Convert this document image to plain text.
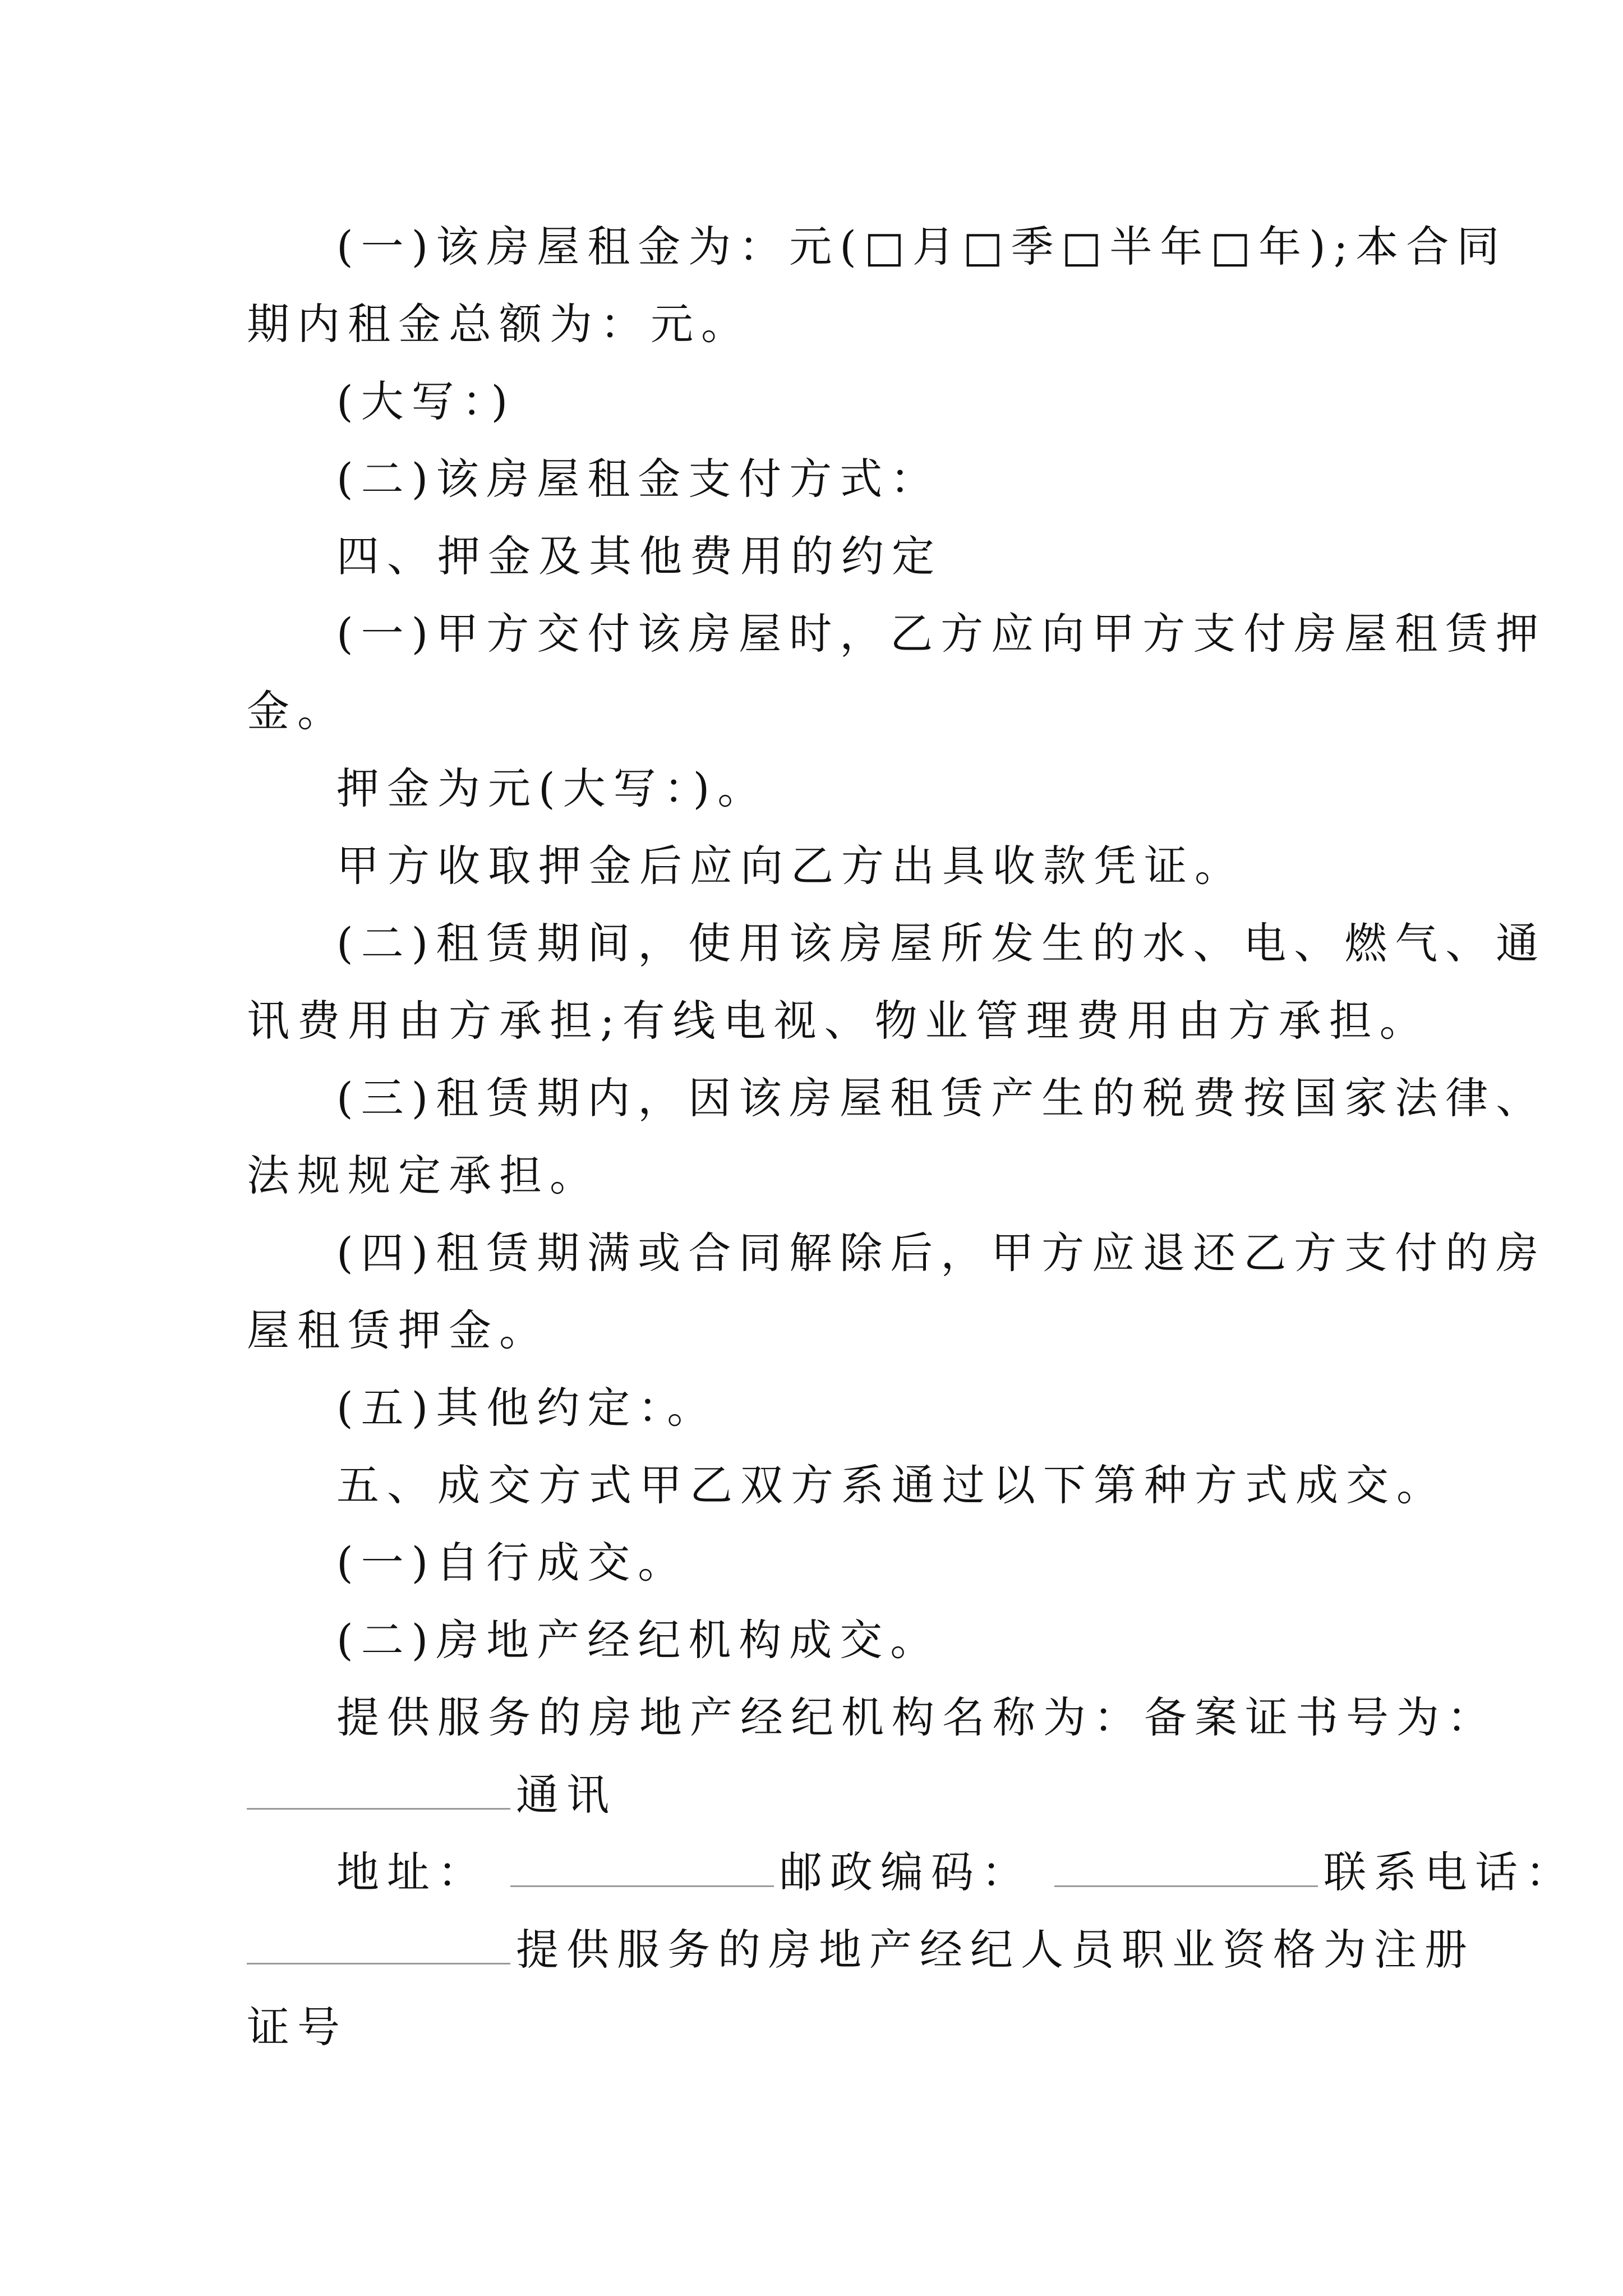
(一)该房屋租金为：元(□月□季□半年□年);本合同
期内租金总额为：元。
(大写：)
(二)该房屋租金支付方式：
四、押金及其他费用的约定
(一)甲方交付该房屋时，乙方应向甲方支付房屋租赁押
金。
押金为元(大写：)。
甲方收取押金后应向乙方出具收款凭证。
(二)租赁期间，使用该房屋所发生的水、电、燃气、通
讯费用由方承担;有线电视、物业管理费用由方承担。
(三)租赁期内，因该房屋租赁产生的税费按国家法律、
法规规定承担。
(四)租赁期满或合同解除后，甲方应退还乙方支付的房
屋租赁押金。
(五)其他约定：。
五、成交方式甲乙双方系通过以下第种方式成交。
(一)自行成交。
(二)房地产经纪机构成交。
提供服务的房地产经纪机构名称为：备案证书号为：
通讯
地址：	邮政编码：	联系电话：
提供服务的房地产经纪人员职业资格为注册
证号
